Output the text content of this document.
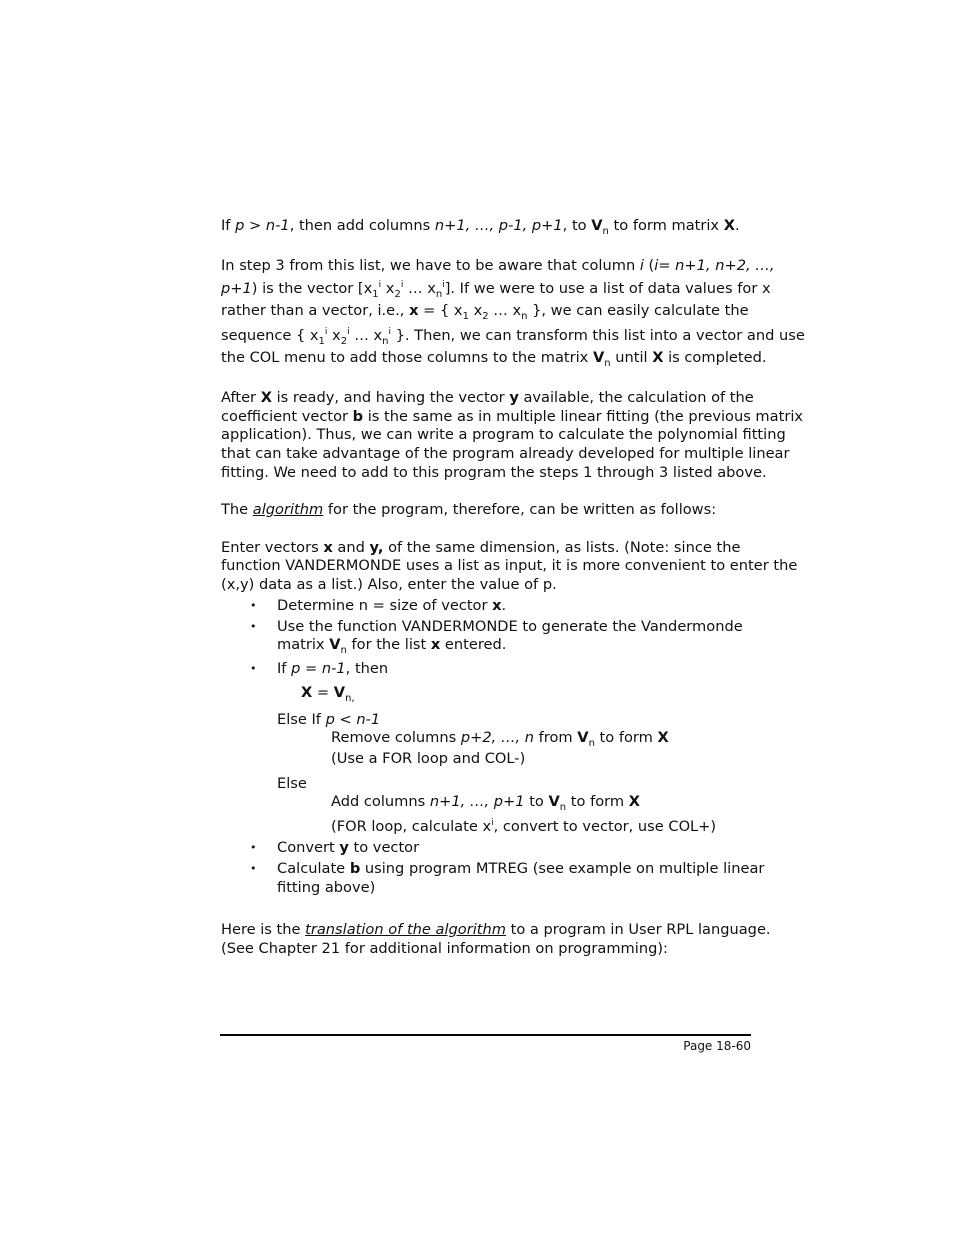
If p > n-1, then add columns n+1, …, p-1, p+1, to $V_n$ to form matrix X.
In step 3 from this list, we have to be aware that column i (i= n+1, n+2, …,
p+1) is the vector [$x_1^i$ $x_2^i$ … $x_n^i$]. If we were to use a list of data values for x
rather than a vector, i.e., x = { $x_1$ $x_2$ … $x_n$ }, we can easily calculate the
sequence { $x_1^i$ $x_2^i$ … $x_n^i$ }. Then, we can transform this list into a vector and use
the COL menu to add those columns to the matrix $V_n$ until X is completed.
After X is ready, and having the vector y available, the calculation of the
coefficient vector b is the same as in multiple linear fitting (the previous matrix
application). Thus, we can write a program to calculate the polynomial fitting
that can take advantage of the program already developed for multiple linear
fitting. We need to add to this program the steps 1 through 3 listed above.
The algorithm for the program, therefore, can be written as follows:
Enter vectors x and y, of the same dimension, as lists. (Note: since the
function VANDERMONDE uses a list as input, it is more convenient to enter the
(x,y) data as a list.) Also, enter the value of p.
• Determine n = size of vector x.
• Use the function VANDERMONDE to generate the Vandermonde
matrix $V_n$ for the list x entered.
• If p = n-1, then
$X = V_{n,}$
Else If p < n-1
Remove columns p+2, …, n from $V_n$ to form X
(Use a FOR loop and COL-)
Else
Add columns n+1, …, p+1 to $V_n$ to form X
(FOR loop, calculate $x^i$, convert to vector, use COL+)
• Convert y to vector
• Calculate b using program MTREG (see example on multiple linear
fitting above)
Here is the translation of the algorithm to a program in User RPL language.
(See Chapter 21 for additional information on programming):
Page 18-60
